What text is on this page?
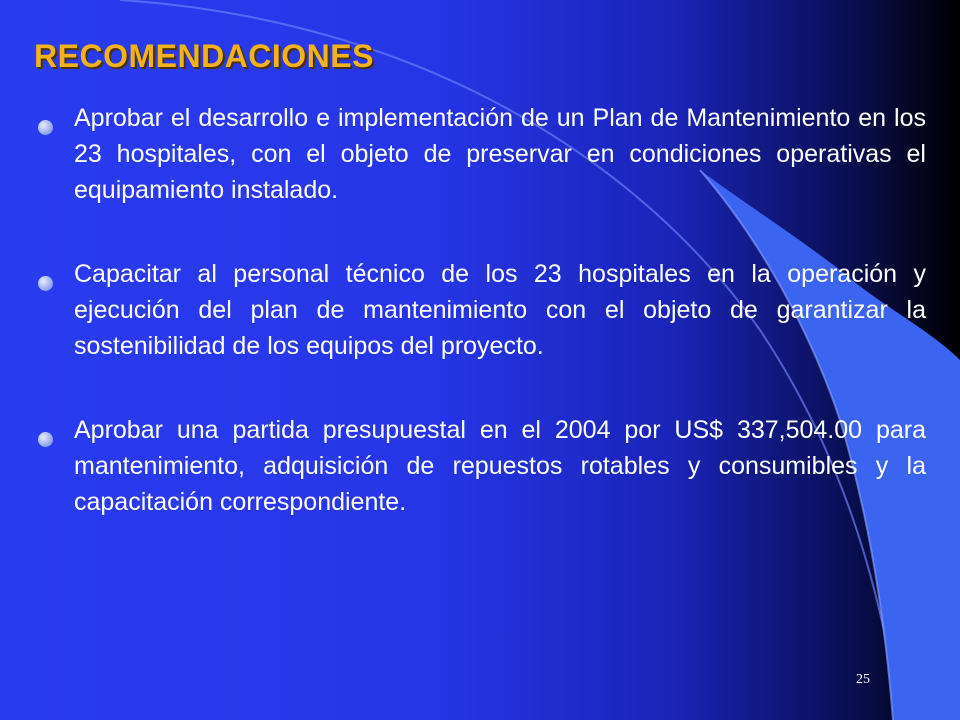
RECOMENDACIONES
Aprobar el desarrollo e implementación de un Plan de Mantenimiento en los 23 hospitales, con el objeto de preservar en condiciones operativas el equipamiento instalado.
Capacitar al personal técnico de los 23 hospitales en la operación y ejecución del plan de mantenimiento con el objeto de garantizar la sostenibilidad de los equipos del proyecto.
Aprobar una partida presupuestal en el 2004 por US$ 337,504.00 para mantenimiento, adquisición de repuestos rotables y consumibles y la capacitación correspondiente.
25
